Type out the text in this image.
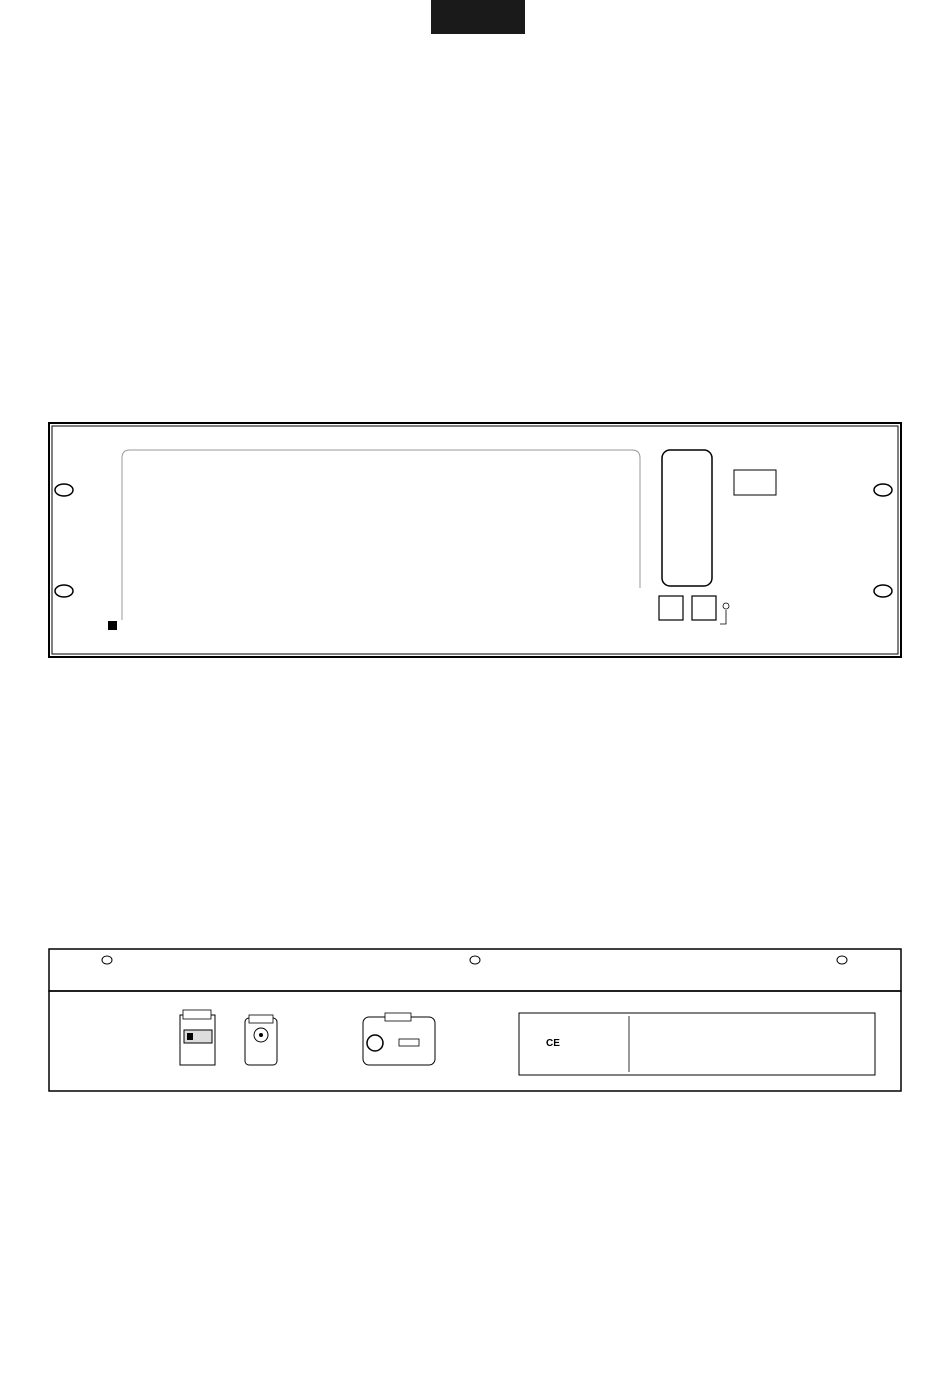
CE
